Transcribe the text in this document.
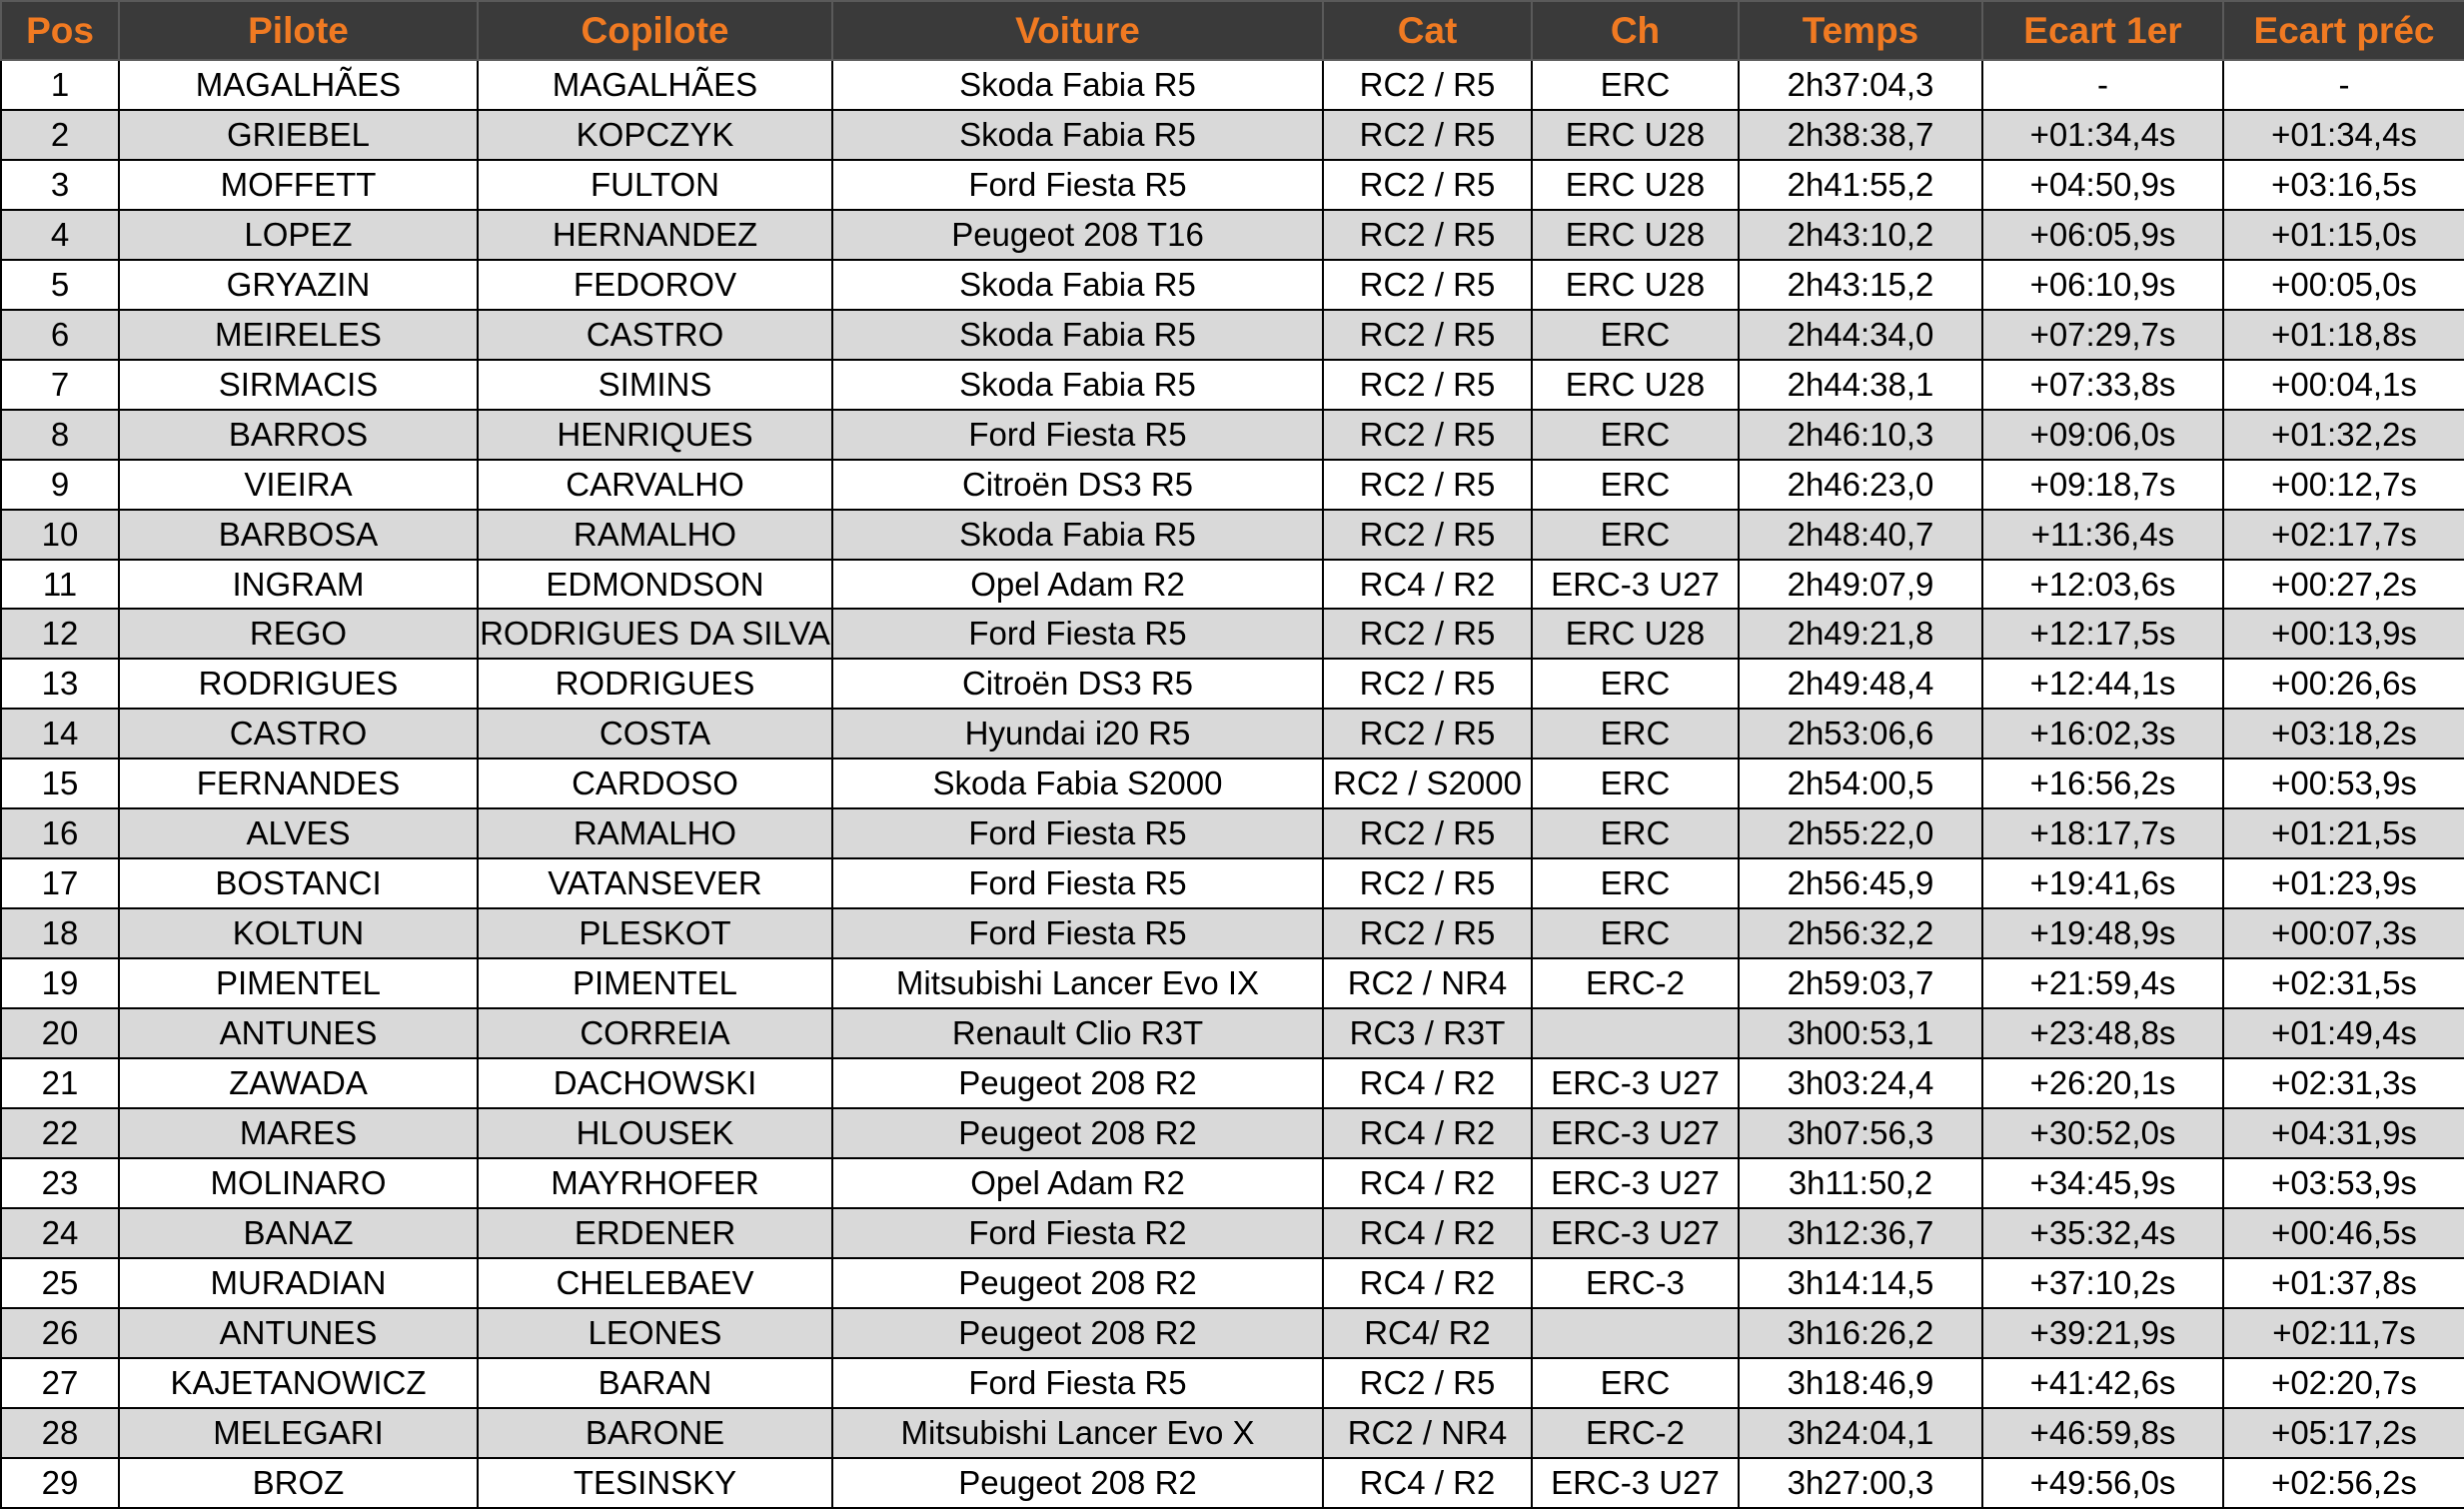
Pos	Pilote	Copilote	Voiture	Cat	Ch	Temps	Ecart 1er	Ecart préc
1	MAGALHÃES	MAGALHÃES	Skoda Fabia R5	RC2 / R5	ERC	2h37:04,3	-	-
2	GRIEBEL	KOPCZYK	Skoda Fabia R5	RC2 / R5	ERC U28	2h38:38,7	+01:34,4s	+01:34,4s
3	MOFFETT	FULTON	Ford Fiesta R5	RC2 / R5	ERC U28	2h41:55,2	+04:50,9s	+03:16,5s
4	LOPEZ	HERNANDEZ	Peugeot 208 T16	RC2 / R5	ERC U28	2h43:10,2	+06:05,9s	+01:15,0s
5	GRYAZIN	FEDOROV	Skoda Fabia R5	RC2 / R5	ERC U28	2h43:15,2	+06:10,9s	+00:05,0s
6	MEIRELES	CASTRO	Skoda Fabia R5	RC2 / R5	ERC	2h44:34,0	+07:29,7s	+01:18,8s
7	SIRMACIS	SIMINS	Skoda Fabia R5	RC2 / R5	ERC U28	2h44:38,1	+07:33,8s	+00:04,1s
8	BARROS	HENRIQUES	Ford Fiesta R5	RC2 / R5	ERC	2h46:10,3	+09:06,0s	+01:32,2s
9	VIEIRA	CARVALHO	Citroën DS3 R5	RC2 / R5	ERC	2h46:23,0	+09:18,7s	+00:12,7s
10	BARBOSA	RAMALHO	Skoda Fabia R5	RC2 / R5	ERC	2h48:40,7	+11:36,4s	+02:17,7s
11	INGRAM	EDMONDSON	Opel Adam R2	RC4 / R2	ERC-3 U27	2h49:07,9	+12:03,6s	+00:27,2s
12	REGO	RODRIGUES DA SILVA	Ford Fiesta R5	RC2 / R5	ERC U28	2h49:21,8	+12:17,5s	+00:13,9s
13	RODRIGUES	RODRIGUES	Citroën DS3 R5	RC2 / R5	ERC	2h49:48,4	+12:44,1s	+00:26,6s
14	CASTRO	COSTA	Hyundai i20 R5	RC2 / R5	ERC	2h53:06,6	+16:02,3s	+03:18,2s
15	FERNANDES	CARDOSO	Skoda Fabia S2000	RC2 / S2000	ERC	2h54:00,5	+16:56,2s	+00:53,9s
16	ALVES	RAMALHO	Ford Fiesta R5	RC2 / R5	ERC	2h55:22,0	+18:17,7s	+01:21,5s
17	BOSTANCI	VATANSEVER	Ford Fiesta R5	RC2 / R5	ERC	2h56:45,9	+19:41,6s	+01:23,9s
18	KOLTUN	PLESKOT	Ford Fiesta R5	RC2 / R5	ERC	2h56:32,2	+19:48,9s	+00:07,3s
19	PIMENTEL	PIMENTEL	Mitsubishi Lancer Evo IX	RC2 / NR4	ERC-2	2h59:03,7	+21:59,4s	+02:31,5s
20	ANTUNES	CORREIA	Renault Clio R3T	RC3 / R3T		3h00:53,1	+23:48,8s	+01:49,4s
21	ZAWADA	DACHOWSKI	Peugeot 208 R2	RC4 / R2	ERC-3 U27	3h03:24,4	+26:20,1s	+02:31,3s
22	MARES	HLOUSEK	Peugeot 208 R2	RC4 / R2	ERC-3 U27	3h07:56,3	+30:52,0s	+04:31,9s
23	MOLINARO	MAYRHOFER	Opel Adam R2	RC4 / R2	ERC-3 U27	3h11:50,2	+34:45,9s	+03:53,9s
24	BANAZ	ERDENER	Ford Fiesta R2	RC4 / R2	ERC-3 U27	3h12:36,7	+35:32,4s	+00:46,5s
25	MURADIAN	CHELEBAEV	Peugeot 208 R2	RC4 / R2	ERC-3	3h14:14,5	+37:10,2s	+01:37,8s
26	ANTUNES	LEONES	Peugeot 208 R2	RC4/ R2		3h16:26,2	+39:21,9s	+02:11,7s
27	KAJETANOWICZ	BARAN	Ford Fiesta R5	RC2 / R5	ERC	3h18:46,9	+41:42,6s	+02:20,7s
28	MELEGARI	BARONE	Mitsubishi Lancer Evo X	RC2 / NR4	ERC-2	3h24:04,1	+46:59,8s	+05:17,2s
29	BROZ	TESINSKY	Peugeot 208 R2	RC4 / R2	ERC-3 U27	3h27:00,3	+49:56,0s	+02:56,2s
